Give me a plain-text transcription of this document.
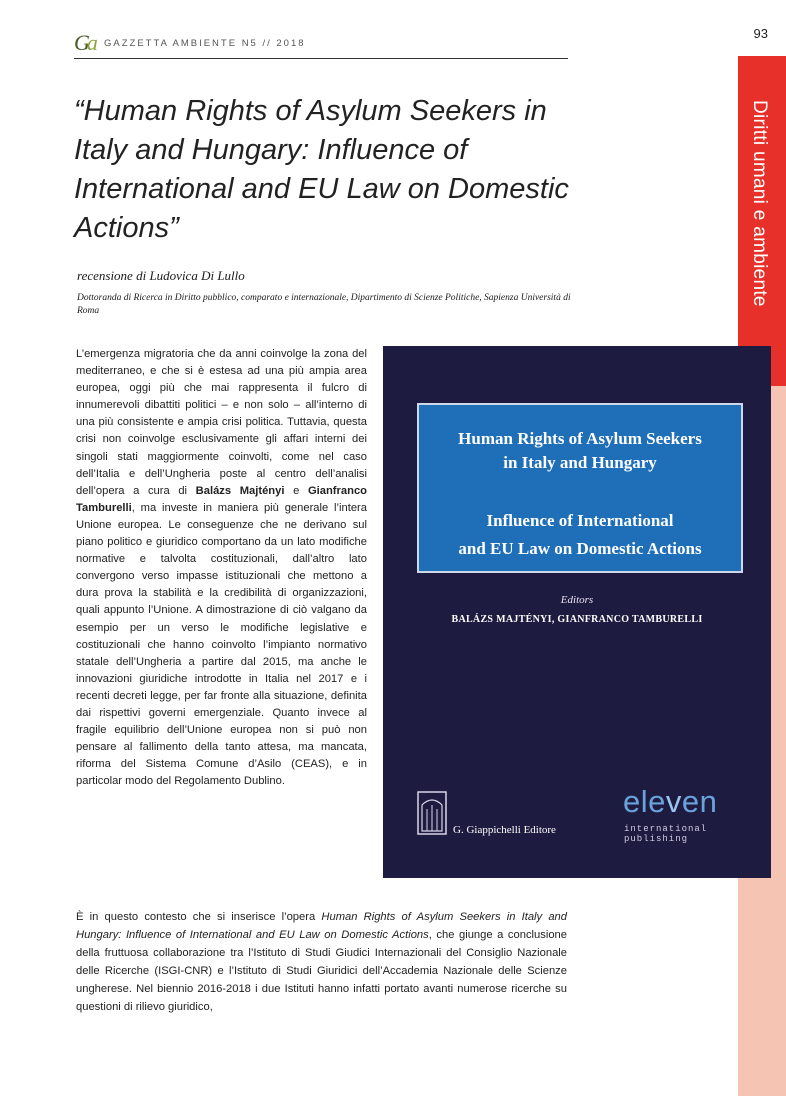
Ga GAZZETTA AMBIENTE N5 // 2018
93
Diritti umani e ambiente
“Human Rights of Asylum Seekers in Italy and Hungary: Influence of International and EU Law on Domestic Actions”
recensione di Ludovica Di Lullo
Dottoranda di Ricerca in Diritto pubblico, comparato e internazionale, Dipartimento di Scienze Politiche, Sapienza Università di Roma

L’emergenza migratoria che da anni coinvolge la zona del mediterraneo, e che si è estesa ad una più ampia area europea, oggi più che mai rappresenta il fulcro di innumerevoli dibattiti politici – e non solo – all’interno di una più consistente e ampia crisi politica. Tuttavia, questa crisi non coinvolge esclusivamente gli affari interni dei singoli stati maggiormente coinvolti, come nel caso dell’Italia e dell’Ungheria poste al centro dell’analisi dell’opera a cura di Balázs Majtényi e Gianfranco Tamburelli, ma investe in maniera più generale l’intera Unione europea. Le conseguenze che ne derivano sul piano politico e giuridico comportano da un lato modifiche normative e talvolta costituzionali, dall’altro lato convergono verso impasse istituzionali che mettono a dura prova la stabilità e la credibilità di organizzazioni, quali appunto l’Unione. A dimostrazione di ciò valgano da esempio per un verso le modifiche legislative e costituzionali che hanno coinvolto l’impianto normativo statale dell’Ungheria a partire dal 2015, ma anche le innovazioni giuridiche introdotte in Italia nel 2017 e i recenti decreti legge, per far fronte alla situazione, definita dai rispettivi governi emergenziale. Quanto invece al fragile equilibrio dell’Unione europea non si può non pensare al fallimento della tanto attesa, ma mancata, riforma del Sistema Comune d’Asilo (CEAS), e in particolar modo del Regolamento Dublino.

Human Rights of Asylum Seekers
in Italy and Hungary
Influence of International
and EU Law on Domestic Actions
Editors
BALÁZS MAJTÉNYI, GIANFRANCO TAMBURELLI
G. Giappichelli Editore
eleven
international publishing

È in questo contesto che si inserisce l’opera Human Rights of Asylum Seekers in Italy and Hungary: Influence of International and EU Law on Domestic Actions, che giunge a conclusione della fruttuosa collaborazione tra l’Istituto di Studi Giudici Internazionali del Consiglio Nazionale delle Ricerche (ISGI-CNR) e l’Istituto di Studi Giuridici dell’Accademia Nazionale delle Scienze ungherese. Nel biennio 2016-2018 i due Istituti hanno infatti portato avanti numerose ricerche su questioni di rilievo giuridico,
